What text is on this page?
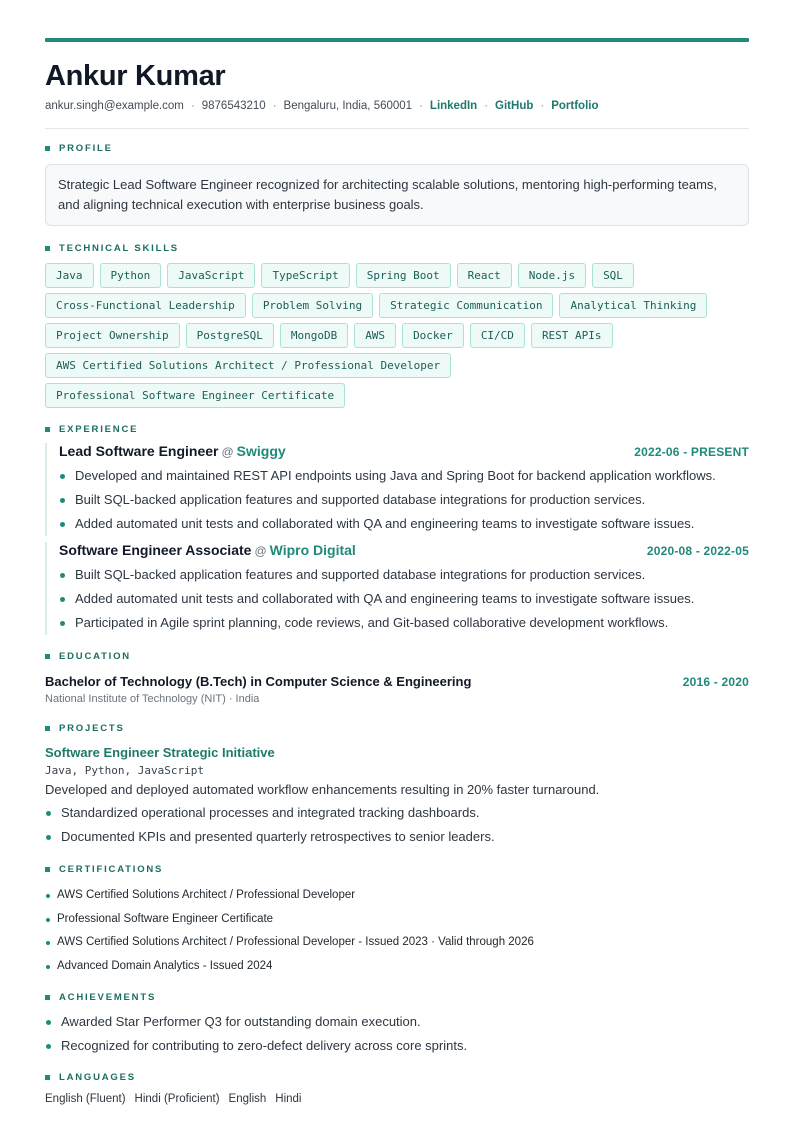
Ankur Kumar
ankur.singh@example.com · 9876543210 · Bengaluru, India, 560001 · LinkedIn · GitHub · Portfolio
PROFILE
Strategic Lead Software Engineer recognized for architecting scalable solutions, mentoring high-performing teams, and aligning technical execution with enterprise business goals.
TECHNICAL SKILLS
Java	Python	JavaScript	TypeScript	Spring Boot	React	Node.js	SQL
Cross-Functional Leadership	Problem Solving	Strategic Communication	Analytical Thinking
Project Ownership	PostgreSQL	MongoDB	AWS	Docker	CI/CD	REST APIs
AWS Certified Solutions Architect / Professional Developer
Professional Software Engineer Certificate
EXPERIENCE
Lead Software Engineer @ Swiggy	2022-06 - PRESENT
Developed and maintained REST API endpoints using Java and Spring Boot for backend application workflows.
Built SQL-backed application features and supported database integrations for production services.
Added automated unit tests and collaborated with QA and engineering teams to investigate software issues.
Software Engineer Associate @ Wipro Digital	2020-08 - 2022-05
Built SQL-backed application features and supported database integrations for production services.
Added automated unit tests and collaborated with QA and engineering teams to investigate software issues.
Participated in Agile sprint planning, code reviews, and Git-based collaborative development workflows.
EDUCATION
Bachelor of Technology (B.Tech) in Computer Science & Engineering	2016 - 2020
National Institute of Technology (NIT) · India
PROJECTS
Software Engineer Strategic Initiative
Java, Python, JavaScript
Developed and deployed automated workflow enhancements resulting in 20% faster turnaround.
Standardized operational processes and integrated tracking dashboards.
Documented KPIs and presented quarterly retrospectives to senior leaders.
CERTIFICATIONS
AWS Certified Solutions Architect / Professional Developer
Professional Software Engineer Certificate
AWS Certified Solutions Architect / Professional Developer - Issued 2023 · Valid through 2026
Advanced Domain Analytics - Issued 2024
ACHIEVEMENTS
Awarded Star Performer Q3 for outstanding domain execution.
Recognized for contributing to zero-defect delivery across core sprints.
LANGUAGES
English (Fluent) Hindi (Proficient) English Hindi
